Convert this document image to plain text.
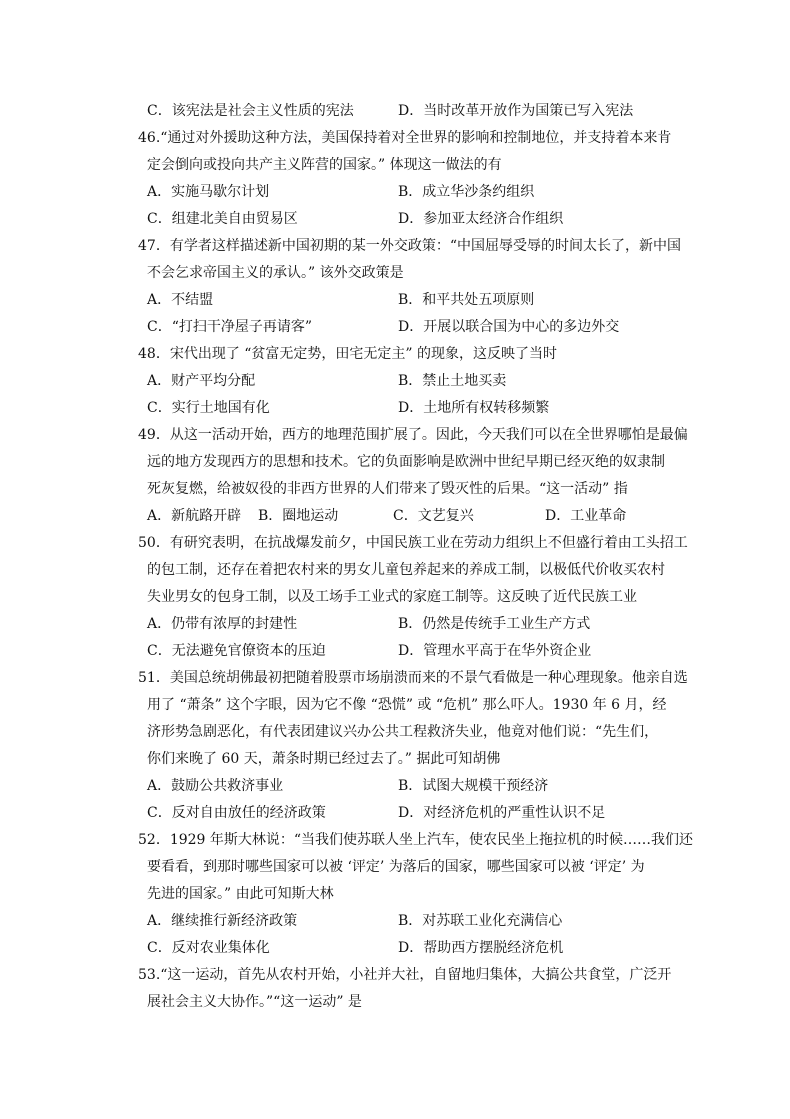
C．该宪法是社会主义性质的宪法	D．当时改革开放作为国策已写入宪法
46.“通过对外援助这种方法，美国保持着对全世界的影响和控制地位，并支持着本来肯
定会倒向或投向共产主义阵营的国家。” 体现这一做法的有
A．实施马歇尔计划	B．成立华沙条约组织
C．组建北美自由贸易区	D．参加亚太经济合作组织
47．有学者这样描述新中国初期的某一外交政策：“中国屈辱受辱的时间太长了，新中国
不会乞求帝国主义的承认。” 该外交政策是
A．不结盟	B．和平共处五项原则
C．“打扫干净屋子再请客”	D．开展以联合国为中心的多边外交
48．宋代出现了 “贫富无定势，田宅无定主” 的现象，这反映了当时
A．财产平均分配	B．禁止土地买卖
C．实行土地国有化	D．土地所有权转移频繁
49．从这一活动开始，西方的地理范围扩展了。因此，今天我们可以在全世界哪怕是最偏
远的地方发现西方的思想和技术。它的负面影响是欧洲中世纪早期已经灭绝的奴隶制
死灰复燃，给被奴役的非西方世界的人们带来了毁灭性的后果。“这一活动” 指
A．新航路开辟 B．圈地运动	C．文艺复兴	D．工业革命
50．有研究表明，在抗战爆发前夕，中国民族工业在劳动力组织上不但盛行着由工头招工
的包工制，还存在着把农村来的男女儿童包养起来的养成工制，以极低代价收买农村
失业男女的包身工制，以及工场手工业式的家庭工制等。这反映了近代民族工业
A．仍带有浓厚的封建性	B．仍然是传统手工业生产方式
C．无法避免官僚资本的压迫	D．管理水平高于在华外资企业
51．美国总统胡佛最初把随着股票市场崩溃而来的不景气看做是一种心理现象。他亲自选
用了 “萧条” 这个字眼，因为它不像 “恐慌” 或 “危机” 那么吓人。1930 年 6 月，经
济形势急剧恶化，有代表团建议兴办公共工程救济失业，他竟对他们说：“先生们，
你们来晚了 60 天，萧条时期已经过去了。” 据此可知胡佛
A．鼓励公共救济事业	B．试图大规模干预经济
C．反对自由放任的经济政策	D．对经济危机的严重性认识不足
52．1929 年斯大林说：“当我们使苏联人坐上汽车，使农民坐上拖拉机的时候……我们还
要看看，到那时哪些国家可以被 ‘评定’ 为落后的国家，哪些国家可以被 ‘评定’ 为
先进的国家。” 由此可知斯大林
A．继续推行新经济政策	B．对苏联工业化充满信心
C．反对农业集体化	D．帮助西方摆脱经济危机
53.“这一运动，首先从农村开始，小社并大社，自留地归集体，大搞公共食堂，广泛开
展社会主义大协作。”“这一运动” 是
